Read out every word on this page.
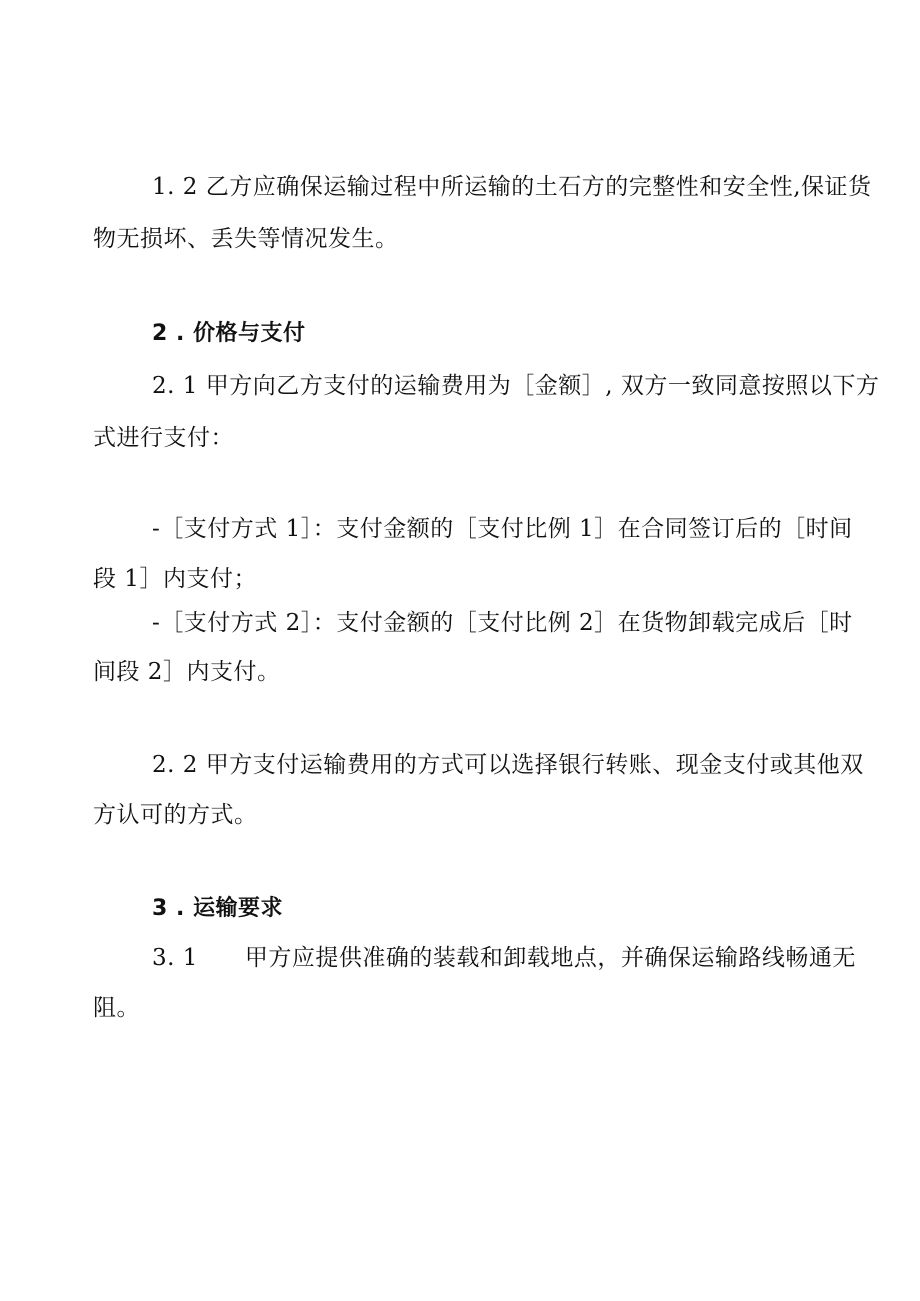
1. 2 乙方应确保运输过程中所运输的土石方的完整性和安全性,保证货
物无损坏、丢失等情况发生。
2 . 价格与支付
2. 1 甲方向乙方支付的运输费用为［金额］, 双方一致同意按照以下方
式进行支付：
-［支付方式 1］：支付金额的［支付比例 1］在合同签订后的［时间
段 1］内支付；
-［支付方式 2］：支付金额的［支付比例 2］在货物卸载完成后［时
间段 2］内支付。
2. 2 甲方支付运输费用的方式可以选择银行转账、现金支付或其他双
方认可的方式。
3 . 运输要求
3. 1　　甲方应提供准确的装载和卸载地点，并确保运输路线畅通无
阻。
